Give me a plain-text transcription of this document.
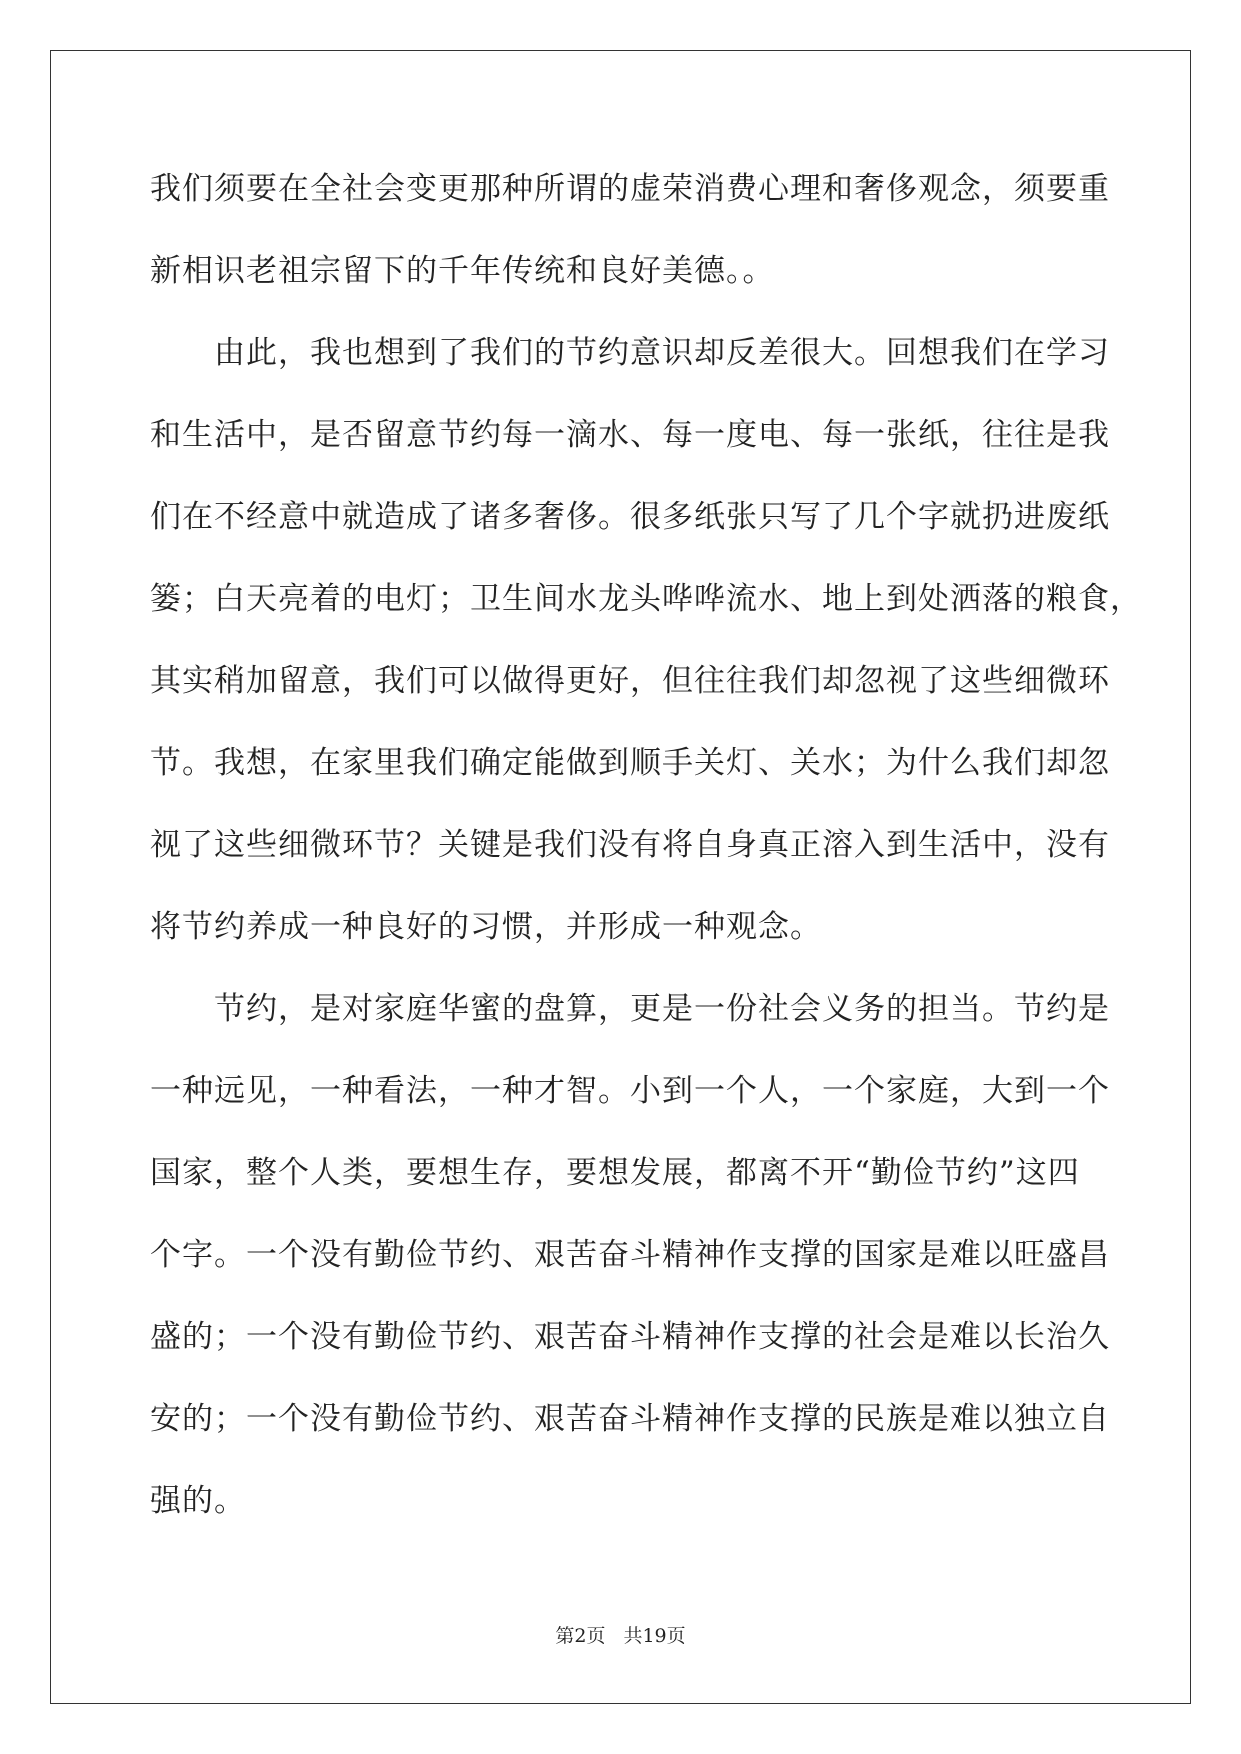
我们须要在全社会变更那种所谓的虚荣消费心理和奢侈观念，须要重

新相识老祖宗留下的千年传统和良好美德。。

　　由此，我也想到了我们的节约意识却反差很大。回想我们在学习

和生活中，是否留意节约每一滴水、每一度电、每一张纸，往往是我

们在不经意中就造成了诸多奢侈。很多纸张只写了几个字就扔进废纸

篓；白天亮着的电灯；卫生间水龙头哗哗流水、地上到处洒落的粮食，

其实稍加留意，我们可以做得更好，但往往我们却忽视了这些细微环

节。我想，在家里我们确定能做到顺手关灯、关水；为什么我们却忽

视了这些细微环节？关键是我们没有将自身真正溶入到生活中，没有

将节约养成一种良好的习惯，并形成一种观念。

　　节约，是对家庭华蜜的盘算，更是一份社会义务的担当。节约是

一种远见，一种看法，一种才智。小到一个人，一个家庭，大到一个

国家，整个人类，要想生存，要想发展，都离不开“勤俭节约”这四

个字。一个没有勤俭节约、艰苦奋斗精神作支撑的国家是难以旺盛昌

盛的；一个没有勤俭节约、艰苦奋斗精神作支撑的社会是难以长治久

安的；一个没有勤俭节约、艰苦奋斗精神作支撑的民族是难以独立自

强的。

第2页 共19页
